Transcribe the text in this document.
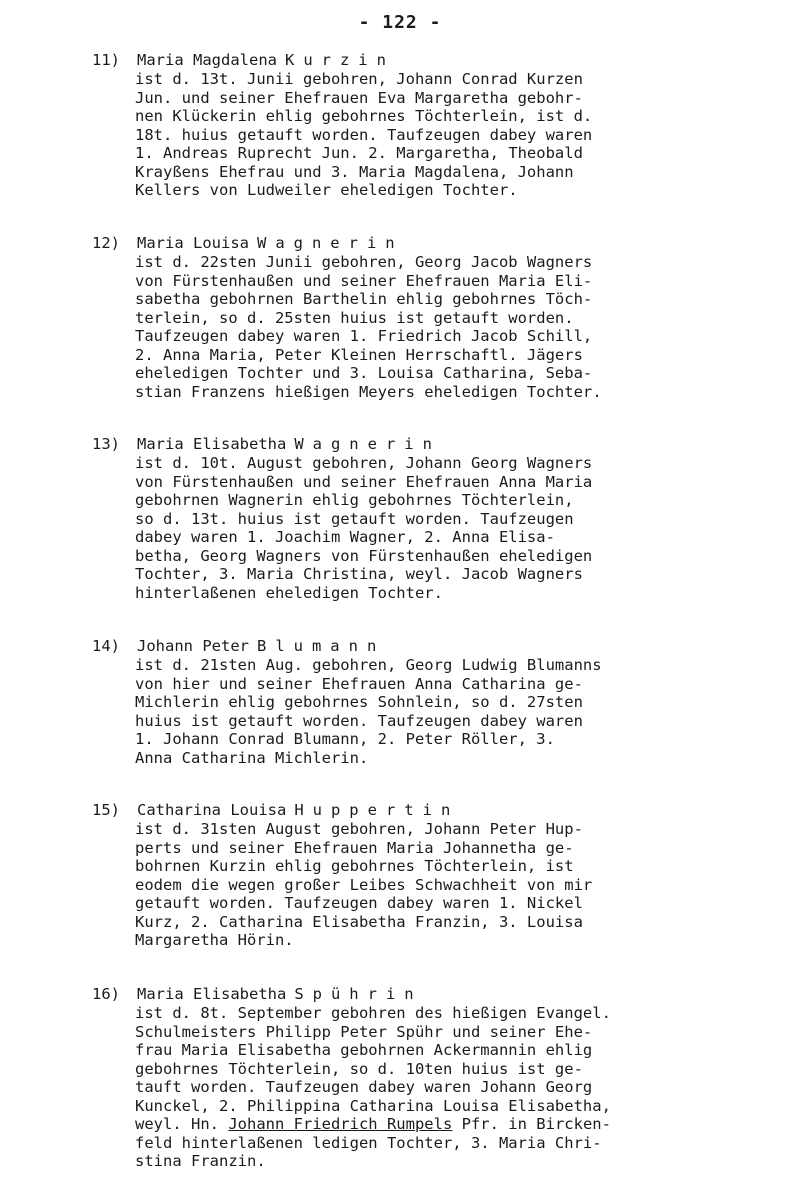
- 122 -
11) Maria Magdalena Kurzin
ist d. 13t. Junii gebohren, Johann Conrad Kurzen
Jun. und seiner Ehefrauen Eva Margaretha gebohr-
nen Klückerin ehlig gebohrnes Töchterlein, ist d.
18t. huius getauft worden. Taufzeugen dabey waren
1. Andreas Ruprecht Jun. 2. Margaretha, Theobald
Krayßens Ehefrau und 3. Maria Magdalena, Johann
Kellers von Ludweiler eheledigen Tochter.
12) Maria Louisa Wagnerin
ist d. 22sten Junii gebohren, Georg Jacob Wagners
von Fürstenhaußen und seiner Ehefrauen Maria Eli-
sabetha gebohrnen Barthelin ehlig gebohrnes Töch-
terlein, so d. 25sten huius ist getauft worden.
Taufzeugen dabey waren 1. Friedrich Jacob Schill,
2. Anna Maria, Peter Kleinen Herrschaftl. Jägers
eheledigen Tochter und 3. Louisa Catharina, Seba-
stian Franzens hießigen Meyers eheledigen Tochter.
13) Maria Elisabetha Wagnerin
ist d. 10t. August gebohren, Johann Georg Wagners
von Fürstenhaußen und seiner Ehefrauen Anna Maria
gebohrnen Wagnerin ehlig gebohrnes Töchterlein,
so d. 13t. huius ist getauft worden. Taufzeugen
dabey waren 1. Joachim Wagner, 2. Anna Elisa-
betha, Georg Wagners von Fürstenhaußen eheledigen
Tochter, 3. Maria Christina, weyl. Jacob Wagners
hinterlaßenen eheledigen Tochter.
14) Johann Peter Blumann
ist d. 21sten Aug. gebohren, Georg Ludwig Blumanns
von hier und seiner Ehefrauen Anna Catharina ge-
Michlerin ehlig gebohrnes Sohnlein, so d. 27sten
huius ist getauft worden. Taufzeugen dabey waren
1. Johann Conrad Blumann, 2. Peter Röller, 3.
Anna Catharina Michlerin.
15) Catharina Louisa Huppertin
ist d. 31sten August gebohren, Johann Peter Hup-
perts und seiner Ehefrauen Maria Johannetha ge-
bohrnen Kurzin ehlig gebohrnes Töchterlein, ist
eodem die wegen großer Leibes Schwachheit von mir
getauft worden. Taufzeugen dabey waren 1. Nickel
Kurz, 2. Catharina Elisabetha Franzin, 3. Louisa
Margaretha Hörin.
16) Maria Elisabetha Spührin
ist d. 8t. September gebohren des hießigen Evangel.
Schulmeisters Philipp Peter Spühr und seiner Ehe-
frau Maria Elisabetha gebohrnen Ackermannin ehlig
gebohrnes Töchterlein, so d. 10ten huius ist ge-
tauft worden. Taufzeugen dabey waren Johann Georg
Kunckel, 2. Philippina Catharina Louisa Elisabetha,
weyl. Hn. Johann Friedrich Rumpels Pfr. in Bircken-
feld hinterlaßenen ledigen Tochter, 3. Maria Chri-
stina Franzin.
